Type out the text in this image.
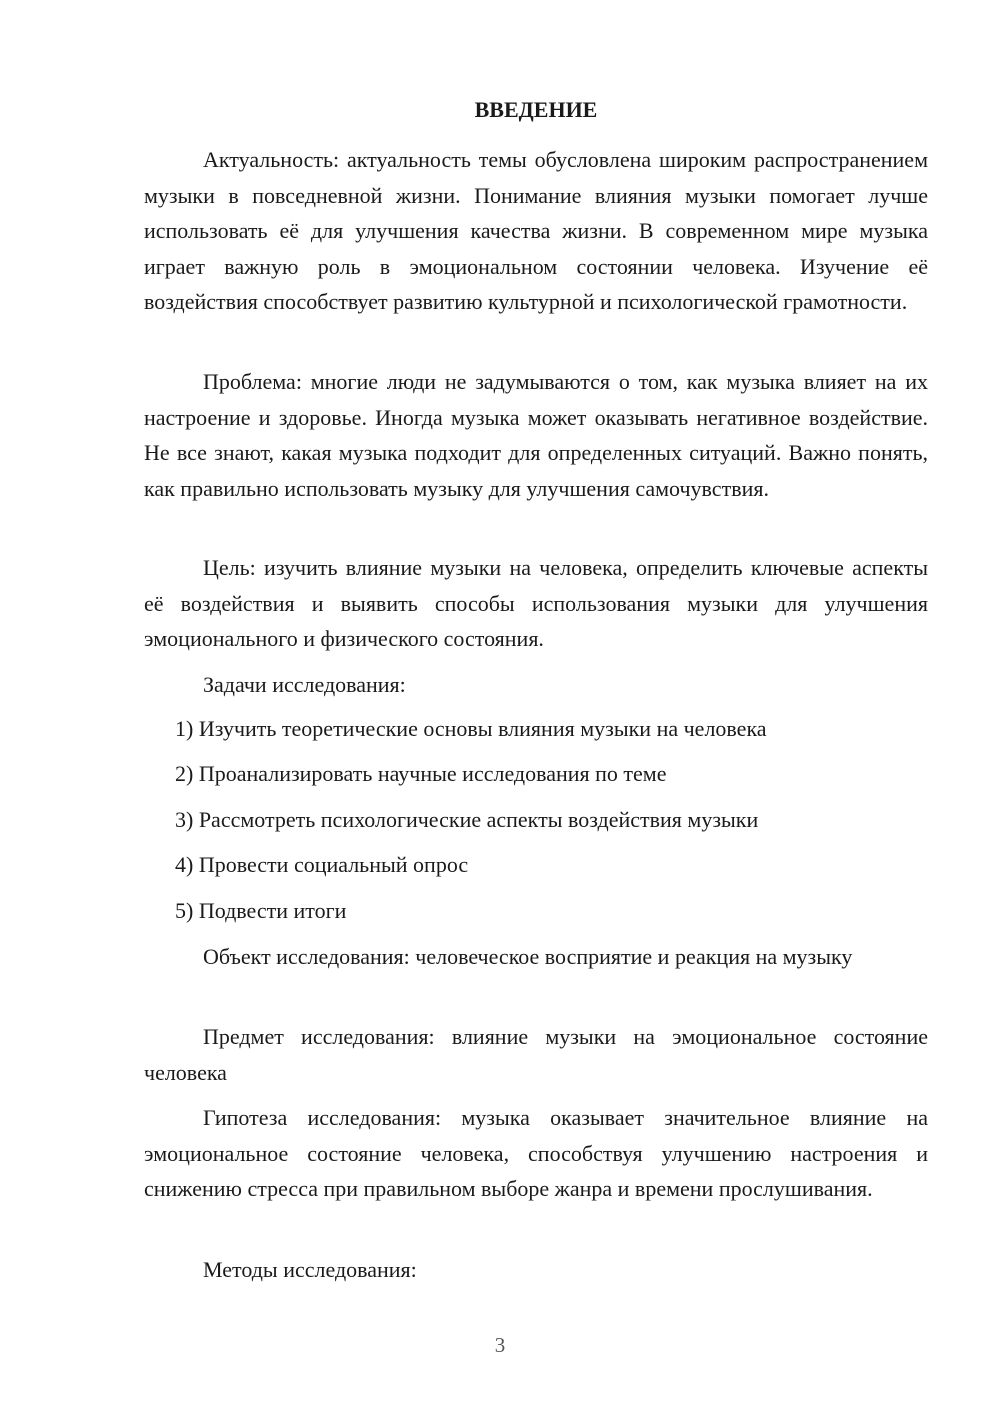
ВВЕДЕНИЕ

Актуальность: актуальность темы обусловлена широким распространением музыки в повседневной жизни. Понимание влияния музыки помогает лучше использовать её для улучшения качества жизни. В современном мире музыка играет важную роль в эмоциональном состоянии человека. Изучение её воздействия способствует развитию культурной и психологической грамотности.

Проблема: многие люди не задумываются о том, как музыка влияет на их настроение и здоровье. Иногда музыка может оказывать негативное воздействие. Не все знают, какая музыка подходит для определенных ситуаций. Важно понять, как правильно использовать музыку для улучшения самочувствия.

Цель: изучить влияние музыки на человека, определить ключевые аспекты её воздействия и выявить способы использования музыки для улучшения эмоционального и физического состояния.

Задачи исследования:

1) Изучить теоретические основы влияния музыки на человека
2) Проанализировать научные исследования по теме
3) Рассмотреть психологические аспекты воздействия музыки
4) Провести социальный опрос
5) Подвести итоги

Объект исследования: человеческое восприятие и реакция на музыку

Предмет исследования: влияние музыки на эмоциональное состояние человека

Гипотеза исследования: музыка оказывает значительное влияние на эмоциональное состояние человека, способствуя улучшению настроения и снижению стресса при правильном выборе жанра и времени прослушивания.

Методы исследования:

3
